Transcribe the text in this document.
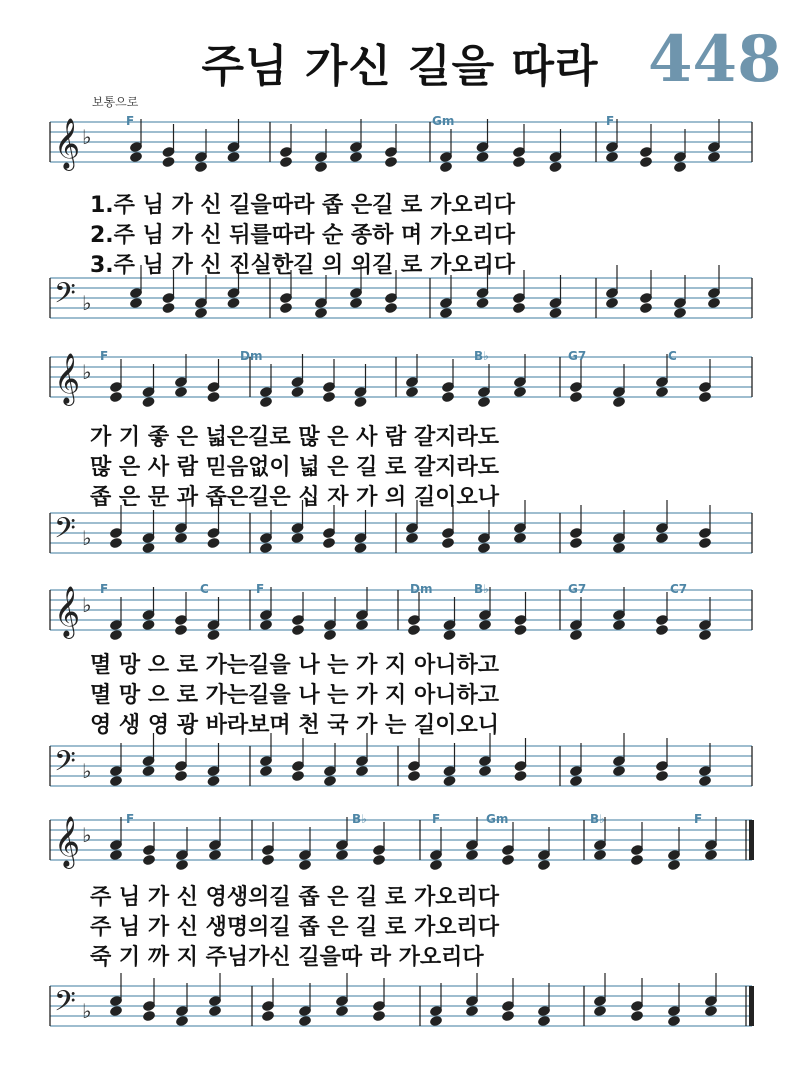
주님 가신 길을 따라 448
보통으로
𝄞 ♭
𝄢 ♭
F	Gm	F
1.주 님 가 신 길을따라 좁 은길 로 가오리다
2.주 님 가 신 뒤를따라 순 종하 며 가오리다
3.주 님 가 신 진실한길 의 의길 로 가오리다
𝄞 ♭
𝄢 ♭
F	Dm	B♭	G7	C
가 기 좋 은 넓은길로 많 은 사 람 갈지라도
많 은 사 람 믿음없이 넓 은 길 로 갈지라도
좁 은 문 과 좁은길은 십 자 가 의 길이오나
𝄞 ♭
𝄢 ♭
F	C	F	Dm	B♭	G7	C7
멸 망 으 로 가는길을 나 는 가 지 아니하고
멸 망 으 로 가는길을 나 는 가 지 아니하고
영 생 영 광 바라보며 천 국 가 는 길이오니
𝄞 ♭
𝄢 ♭
F	B♭	F	Gm	B♭	F
주 님 가 신 영생의길 좁 은 길 로 가오리다
주 님 가 신 생명의길 좁 은 길 로 가오리다
죽 기 까 지 주님가신 길을따 라 가오리다
